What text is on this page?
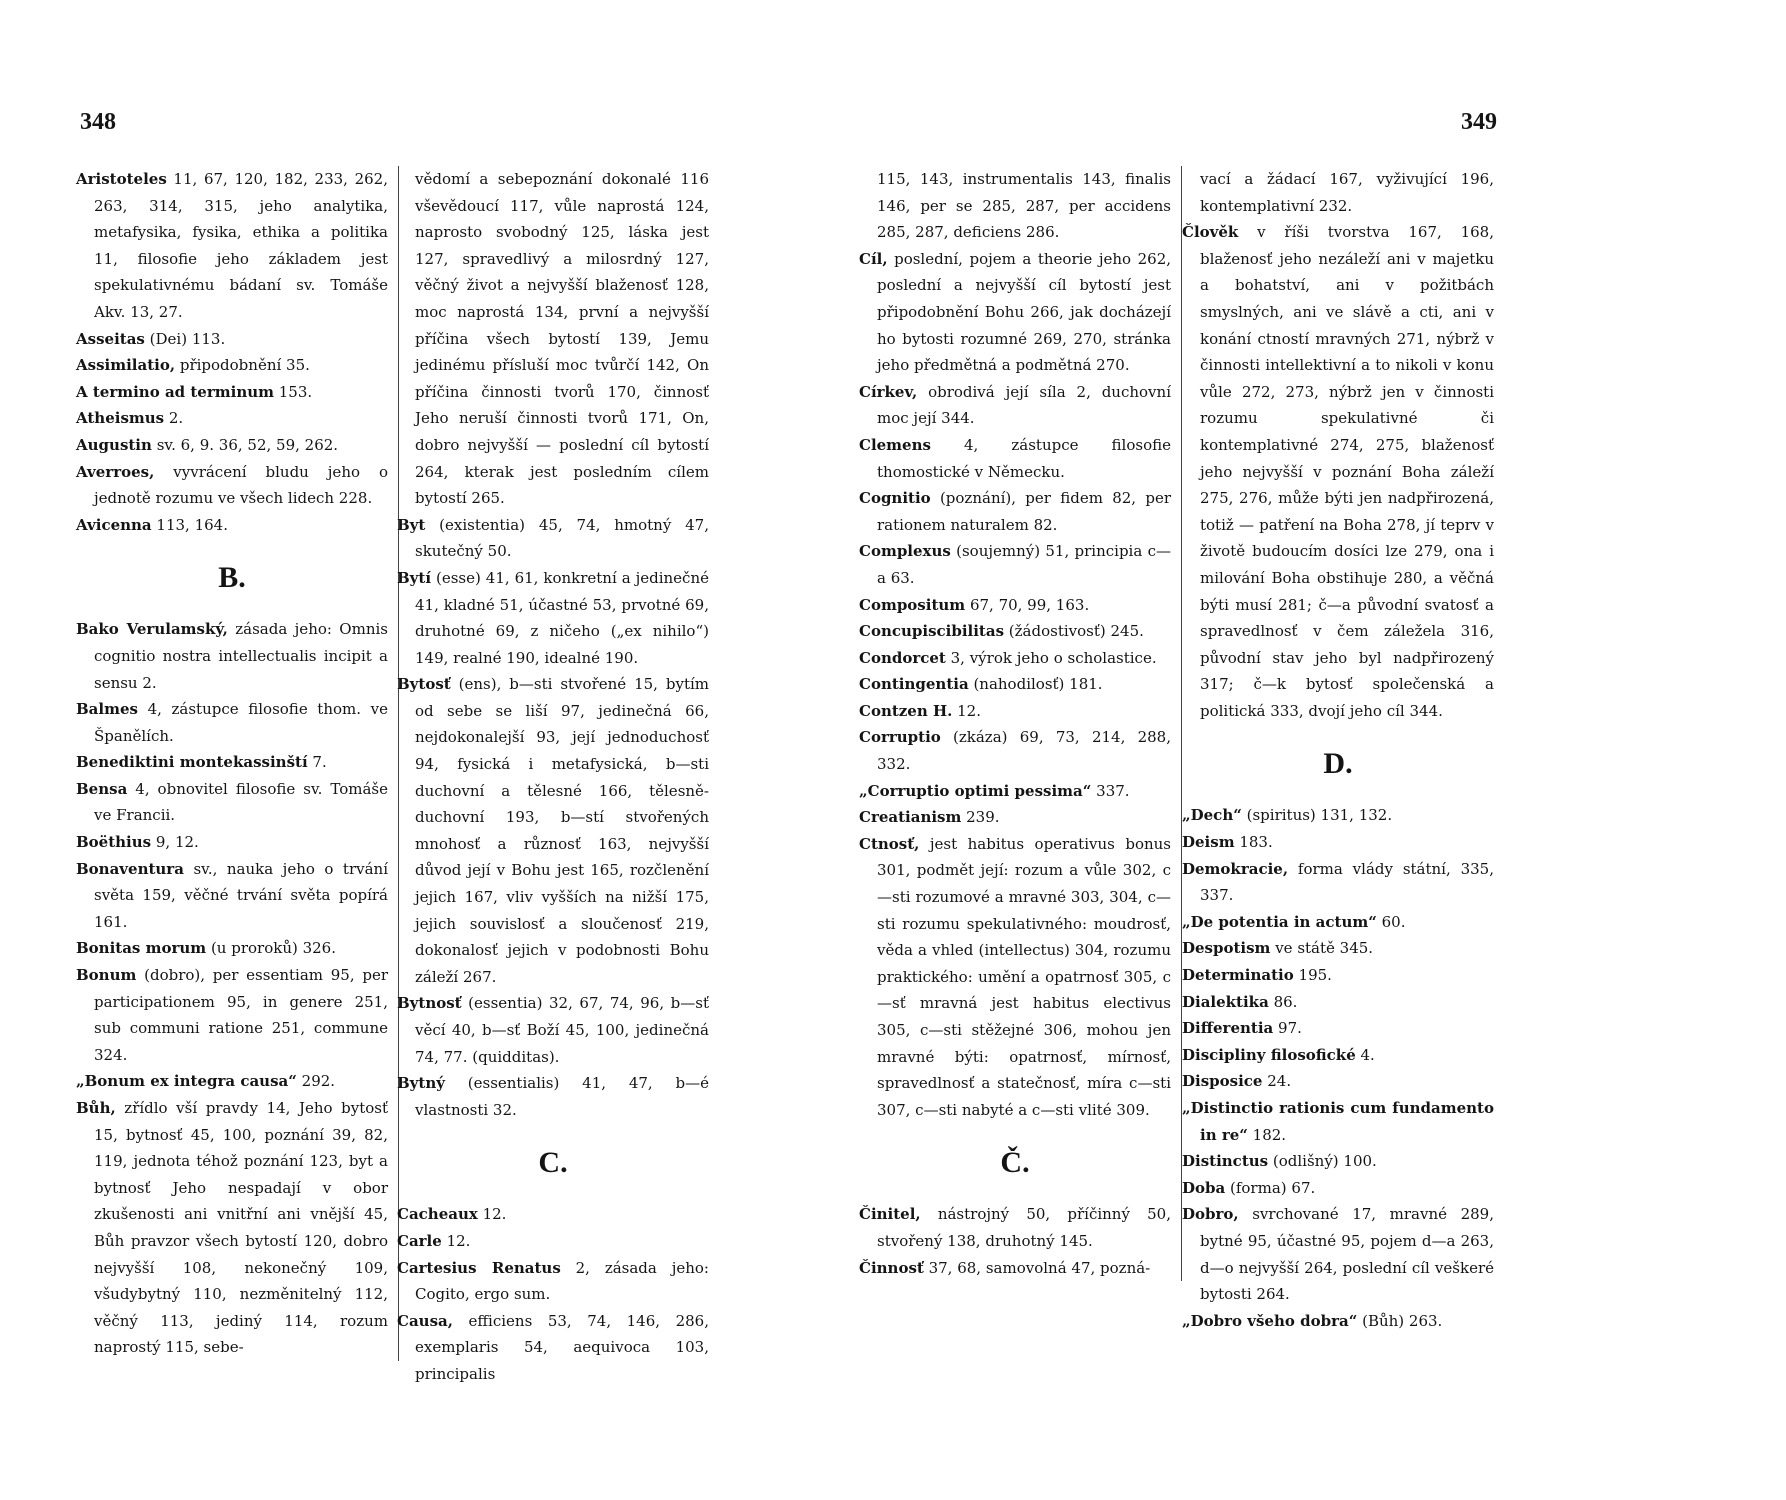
348

Aristoteles 11, 67, 120, 182, 233, 262, 263, 314, 315, jeho analytika, metafysika, fysika, ethika a politika 11, filosofie jeho základem jest spekulativnému bádaní sv. Tomáše Akv. 13, 27.

Asseitas (Dei) 113.

Assimilatio, připodobnění 35.

A termino ad terminum 153.

Atheismus 2.

Augustin sv. 6, 9. 36, 52, 59, 262.

Averroes, vyvrácení bludu jeho o jednotě rozumu ve všech lidech 228.

Avicenna 113, 164.

B.

Bako Verulamský, zásada jeho: Omnis cognitio nostra intellectualis incipit a sensu 2.

Balmes 4, zástupce filosofie thom. ve Španělích.

Benediktini montekassinští 7.

Bensa 4, obnovitel filosofie sv. Tomáše ve Francii.

Boëthius 9, 12.

Bonaventura sv., nauka jeho o trvání světa 159, věčné trvání světa popírá 161.

Bonitas morum (u proroků) 326.

Bonum (dobro), per essentiam 95, per participationem 95, in genere 251, sub communi ratione 251, commune 324.

„Bonum ex integra causa“ 292.

Bůh, zřídlo vší pravdy 14, Jeho bytosť 15, bytnosť 45, 100, poznání 39, 82, 119, jednota téhož poznání 123, byt a bytnosť Jeho nespadají v obor zkušenosti ani vnitřní ani vnější 45, Bůh pravzor všech bytostí 120, dobro nejvyšší 108, nekonečný 109, všudybytný 110, nezměnitelný 112, věčný 113, jediný 114, rozum naprostý 115, sebe-

vědomí a sebepoznání dokonalé 116 vševědoucí 117, vůle naprostá 124, naprosto svobodný 125, láska jest 127, spravedlivý a milosrdný 127, věčný život a nejvyšší blaženosť 128, moc naprostá 134, první a nejvyšší příčina všech bytostí 139, Jemu jedinému přísluší moc tvůrčí 142, On příčina činnosti tvorů 170, činnosť Jeho neruší činnosti tvorů 171, On, dobro nejvyšší — poslední cíl bytostí 264, kterak jest posledním cílem bytostí 265.

Byt (existentia) 45, 74, hmotný 47, skutečný 50.

Bytí (esse) 41, 61, konkretní a jedinečné 41, kladné 51, účastné 53, prvotné 69, druhotné 69, z ničeho („ex nihilo“) 149, realné 190, idealné 190.

Bytosť (ens), b—sti stvořené 15, bytím od sebe se liší 97, jedinečná 66, nejdokonalejší 93, její jednoduchosť 94, fysická i metafysická, b—sti duchovní a tělesné 166, tělesně-duchovní 193, b—stí stvořených mnohosť a různosť 163, nejvyšší důvod její v Bohu jest 165, rozčlenění jejich 167, vliv vyšších na nižší 175, jejich souvislosť a sloučenosť 219, dokonalosť jejich v podobnosti Bohu záleží 267.

Bytnosť (essentia) 32, 67, 74, 96, b—sť věcí 40, b—sť Boží 45, 100, jedinečná 74, 77. (quidditas).

Bytný (essentialis) 41, 47, b—é vlastnosti 32.

C.

Cacheaux 12.

Carle 12.

Cartesius Renatus 2, zásada jeho: Cogito, ergo sum.

Causa, efficiens 53, 74, 146, 286, exemplaris 54, aequivoca 103, principalis

349

115, 143, instrumentalis 143, finalis 146, per se 285, 287, per accidens 285, 287, deficiens 286.

Cíl, poslední, pojem a theorie jeho 262, poslední a nejvyšší cíl bytostí jest připodobnění Bohu 266, jak docházejí ho bytosti rozumné 269, 270, stránka jeho předmětná a podmětná 270.

Církev, obrodivá její síla 2, duchovní moc její 344.

Clemens 4, zástupce filosofie thomostické v Německu.

Cognitio (poznání), per fidem 82, per rationem naturalem 82.

Complexus (soujemný) 51, principia c—a 63.

Compositum 67, 70, 99, 163.

Concupiscibilitas (žádostivosť) 245.

Condorcet 3, výrok jeho o scholastice.

Contingentia (nahodilosť) 181.

Contzen H. 12.

Corruptio (zkáza) 69, 73, 214, 288, 332.

„Corruptio optimi pessima“ 337.

Creatianism 239.

Ctnosť, jest habitus operativus bonus 301, podmět její: rozum a vůle 302, c—sti rozumové a mravné 303, 304, c—sti rozumu spekulativného: moudrosť, věda a vhled (intellectus) 304, rozumu praktického: umění a opatrnosť 305, c—sť mravná jest habitus electivus 305, c—sti stěžejné 306, mohou jen mravné býti: opatrnosť, mírnosť, spravedlnosť a statečnosť, míra c—sti 307, c—sti nabyté a c—sti vlité 309.

Č.

Činitel, nástrojný 50, příčinný 50, stvořený 138, druhotný 145.

Činnosť 37, 68, samovolná 47, pozná-

vací a žádací 167, vyživující 196, kontemplativní 232.

Člověk v říši tvorstva 167, 168, blaženosť jeho nezáleží ani v majetku a bohatství, ani v požitbách smyslných, ani ve slávě a cti, ani v konání ctností mravných 271, nýbrž v činnosti intellektivní a to nikoli v konu vůle 272, 273, nýbrž jen v činnosti rozumu spekulativné či kontemplativné 274, 275, blaženosť jeho nejvyšší v poznání Boha záleží 275, 276, může býti jen nadpřirozená, totiž — patření na Boha 278, jí teprv v životě budoucím dosíci lze 279, ona i milování Boha obstihuje 280, a věčná býti musí 281; č—a původní svatosť a spravedlnosť v čem záležela 316, původní stav jeho byl nadpřirozený 317; č—k bytosť společenská a politická 333, dvojí jeho cíl 344.

D.

„Dech“ (spiritus) 131, 132.

Deism 183.

Demokracie, forma vlády státní, 335, 337.

„De potentia in actum“ 60.

Despotism ve státě 345.

Determinatio 195.

Dialektika 86.

Differentia 97.

Discipliny filosofické 4.

Disposice 24.

„Distinctio rationis cum fundamento in re“ 182.

Distinctus (odlišný) 100.

Doba (forma) 67.

Dobro, svrchované 17, mravné 289, bytné 95, účastné 95, pojem d—a 263, d—o nejvyšší 264, poslední cíl veškeré bytosti 264.

„Dobro všeho dobra“ (Bůh) 263.
